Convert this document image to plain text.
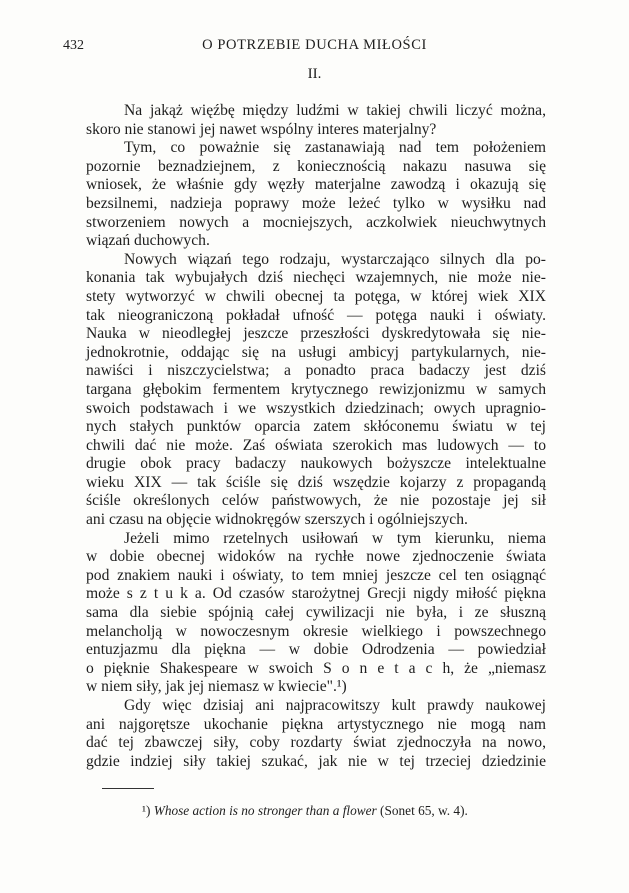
432	O POTRZEBIE DUCHA MIŁOŚCI
II.
Na jakąż więźbę między ludźmi w takiej chwili liczyć można,
skoro nie stanowi jej nawet wspólny interes materjalny?
Tym, co poważnie się zastanawiają nad tem położeniem
pozornie beznadziejnem, z koniecznością nakazu nasuwa się
wniosek, że właśnie gdy węzły materjalne zawodzą i okazują się
bezsilnemi, nadzieja poprawy może leżeć tylko w wysiłku nad
stworzeniem nowych a mocniejszych, aczkolwiek nieuchwytnych
wiązań duchowych.
Nowych wiązań tego rodzaju, wystarczająco silnych dla po-
konania tak wybujałych dziś niechęci wzajemnych, nie może nie-
stety wytworzyć w chwili obecnej ta potęga, w której wiek XIX
tak nieograniczoną pokładał ufność — potęga nauki i oświaty.
Nauka w nieodległej jeszcze przeszłości dyskredytowała się nie-
jednokrotnie, oddając się na usługi ambicyj partykularnych, nie-
nawiści i niszczycielstwa; a ponadto praca badaczy jest dziś
targana głębokim fermentem krytycznego rewizjonizmu w samych
swoich podstawach i we wszystkich dziedzinach; owych upragnio-
nych stałych punktów oparcia zatem skłóconemu światu w tej
chwili dać nie może. Zaś oświata szerokich mas ludowych — to
drugie obok pracy badaczy naukowych bożyszcze intelektualne
wieku XIX — tak ściśle się dziś wszędzie kojarzy z propagandą
ściśle określonych celów państwowych, że nie pozostaje jej sił
ani czasu na objęcie widnokręgów szerszych i ogólniejszych.
Jeżeli mimo rzetelnych usiłowań w tym kierunku, niema
w dobie obecnej widoków na rychłe nowe zjednoczenie świata
pod znakiem nauki i oświaty, to tem mniej jeszcze cel ten osiągnąć
może s z t u k a. Od czasów starożytnej Grecji nigdy miłość piękna
sama dla siebie spójnią całej cywilizacji nie była, i ze słuszną
melancholją w nowoczesnym okresie wielkiego i powszechnego
entuzjazmu dla piękna — w dobie Odrodzenia — powiedział
o pięknie Shakespeare w swoich S o n e t a c h, że „niemasz
w niem siły, jak jej niemasz w kwiecie".¹)
Gdy więc dzisiaj ani najpracowitszy kult prawdy naukowej
ani najgorętsze ukochanie piękna artystycznego nie mogą nam
dać tej zbawczej siły, coby rozdarty świat zjednoczyła na nowo,
gdzie indziej siły takiej szukać, jak nie w tej trzeciej dziedzinie
¹) Whose action is no stronger than a flower (Sonet 65, w. 4).
